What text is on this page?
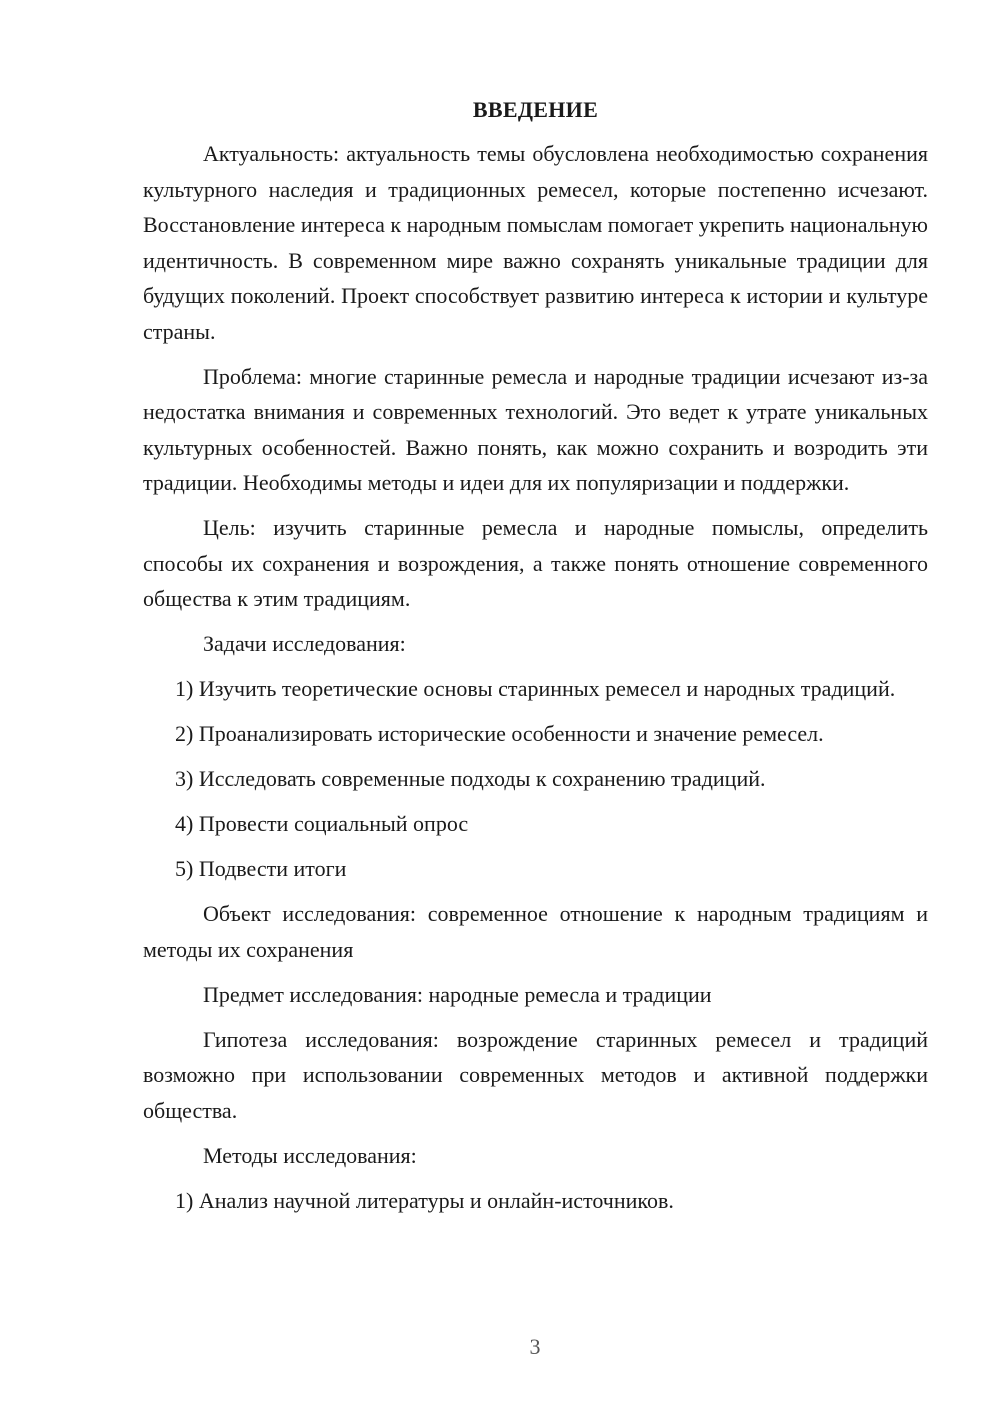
ВВЕДЕНИЕ

Актуальность: актуальность темы обусловлена необходимостью сохранения культурного наследия и традиционных ремесел, которые постепенно исчезают. Восстановление интереса к народным помыслам помогает укрепить национальную идентичность. В современном мире важно сохранять уникальные традиции для будущих поколений. Проект способствует развитию интереса к истории и культуре страны.

Проблема: многие старинные ремесла и народные традиции исчезают из-за недостатка внимания и современных технологий. Это ведет к утрате уникальных культурных особенностей. Важно понять, как можно сохранить и возродить эти традиции. Необходимы методы и идеи для их популяризации и поддержки.

Цель: изучить старинные ремесла и народные помыслы, определить способы их сохранения и возрождения, а также понять отношение современного общества к этим традициям.

Задачи исследования:

1) Изучить теоретические основы старинных ремесел и народных традиций.

2) Проанализировать исторические особенности и значение ремесел.

3) Исследовать современные подходы к сохранению традиций.

4) Провести социальный опрос

5) Подвести итоги

Объект исследования: современное отношение к народным традициям и методы их сохранения

Предмет исследования: народные ремесла и традиции

Гипотеза исследования: возрождение старинных ремесел и традиций возможно при использовании современных методов и активной поддержки общества.

Методы исследования:

1) Анализ научной литературы и онлайн-источников.

3
